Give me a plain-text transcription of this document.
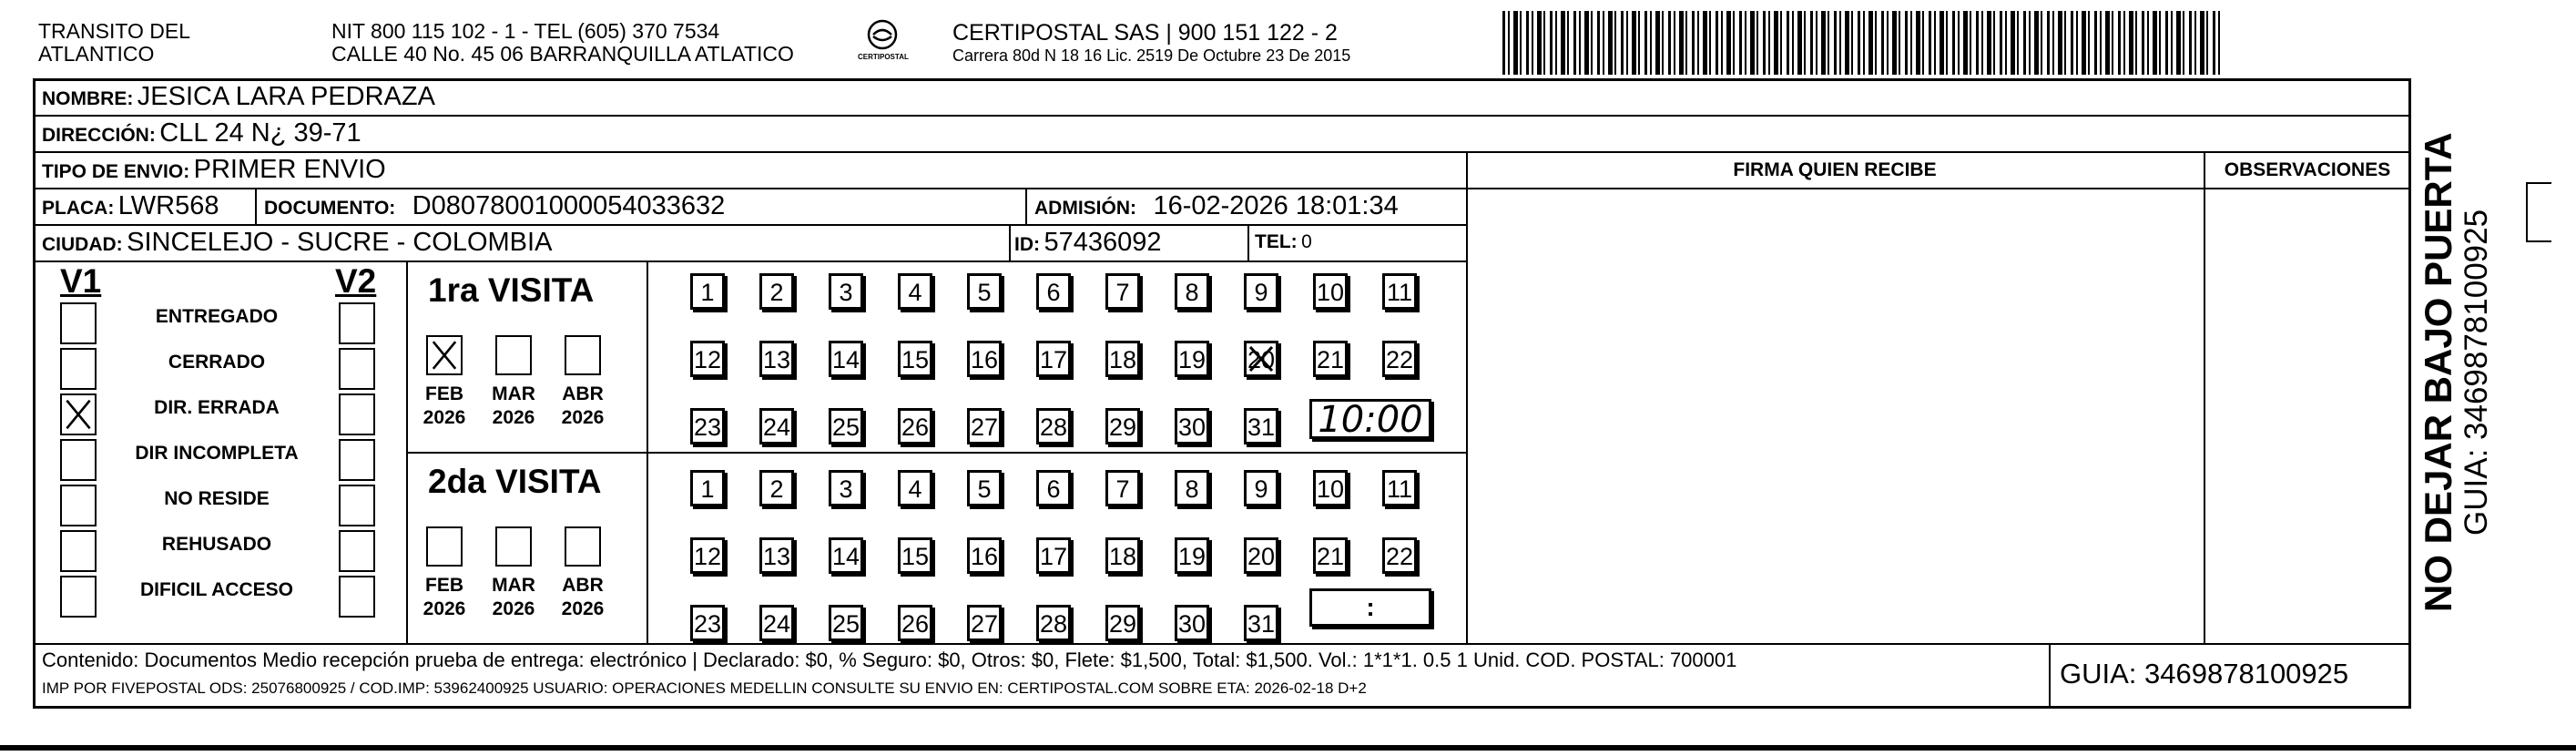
TRANSITO DEL
ATLANTICO
NIT 800 115 102 - 1 - TEL (605) 370 7534
CALLE 40 No. 45 06 BARRANQUILLA ATLATICO	CERTIPOSTAL
CERTIPOSTAL SAS | 900 151 122 - 2
Carrera 80d N 18 16 Lic. 2519 De Octubre 23 De 2015
NOMBRE: JESICA LARA PEDRAZA
DIRECCIÓN: CLL 24 N¿ 39-71
TIPO DE ENVIO: PRIMER ENVIO	FIRMA QUIEN RECIBE	OBSERVACIONES
PLACA: LWR568 DOCUMENTO: D08078001000054033632	ADMISIÓN: 16-02-2026 18:01:34
CIUDAD: SINCELEJO - SUCRE - COLOMBIA	ID: 57436092	TEL: 0
V1	V2
ENTREGADO
CERRADO
DIR. ERRADA
DIR INCOMPLETA
NO RESIDE
REHUSADO
DIFICIL ACCESO
1ra VISITA
2da VISITA
FEB
2026
MAR
2026
ABR
2026
FEB
2026
MAR
2026
ABR
2026
1	2	3	4	5	6	7	8	9	10 11
12 13 14 15 16 17 18 19 20 21 22
23 24 25 26 27 28 29 30 31
1	2	3	4	5	6	7	8	9	10 11
12 13 14 15 16 17 18 19 20 21 22
23 24 25 26 27 28 29 30 31
10:00
:
Contenido: Documentos Medio recepción prueba de entrega: electrónico | Declarado: $0, % Seguro: $0, Otros: $0, Flete: $1,500, Total: $1,500. Vol.: 1*1*1. 0.5 1 Unid. COD. POSTAL: 700001
IMP POR FIVEPOSTAL ODS: 25076800925 / COD.IMP: 53962400925 USUARIO: OPERACIONES MEDELLIN CONSULTE SU ENVIO EN: CERTIPOSTAL.COM SOBRE ETA: 2026-02-18 D+2	GUIA: 3469878100925
NO DEJAR BAJO PUERTA GUIA: 3469878100925
